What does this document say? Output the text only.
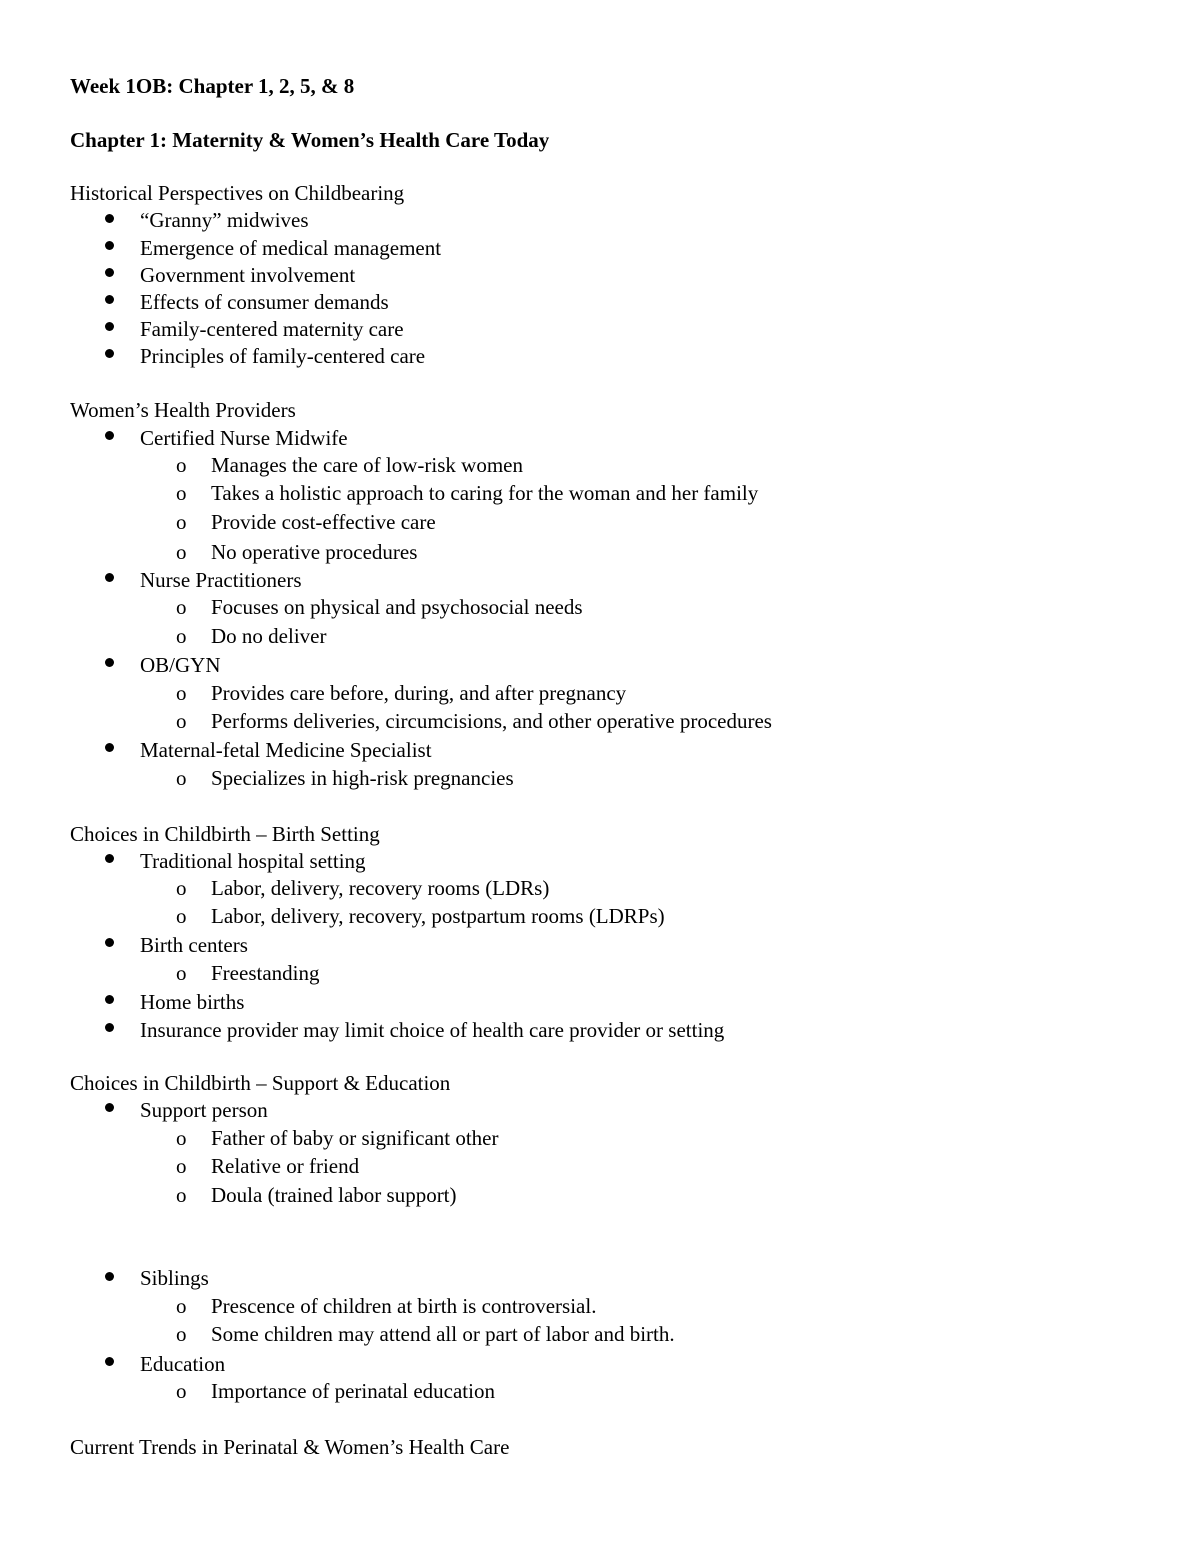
Week 1OB: Chapter 1, 2, 5, & 8
Chapter 1: Maternity & Women’s Health Care Today
Historical Perspectives on Childbearing
“Granny” midwives
Emergence of medical management
Government involvement
Effects of consumer demands
Family-centered maternity care
Principles of family-centered care
Women’s Health Providers
Certified Nurse Midwife
o Manages the care of low-risk women
o Takes a holistic approach to caring for the woman and her family
o Provide cost-effective care
o No operative procedures
Nurse Practitioners
o Focuses on physical and psychosocial needs
o Do no deliver
OB/GYN
o Provides care before, during, and after pregnancy
o Performs deliveries, circumcisions, and other operative procedures
Maternal-fetal Medicine Specialist
o Specializes in high-risk pregnancies
Choices in Childbirth – Birth Setting
Traditional hospital setting
o Labor, delivery, recovery rooms (LDRs)
o Labor, delivery, recovery, postpartum rooms (LDRPs)
Birth centers
o Freestanding
Home births
Insurance provider may limit choice of health care provider or setting
Choices in Childbirth – Support & Education
Support person
o Father of baby or significant other
o Relative or friend
o Doula (trained labor support)
Siblings
o Prescence of children at birth is controversial.
o Some children may attend all or part of labor and birth.
Education
o Importance of perinatal education
Current Trends in Perinatal & Women’s Health Care
